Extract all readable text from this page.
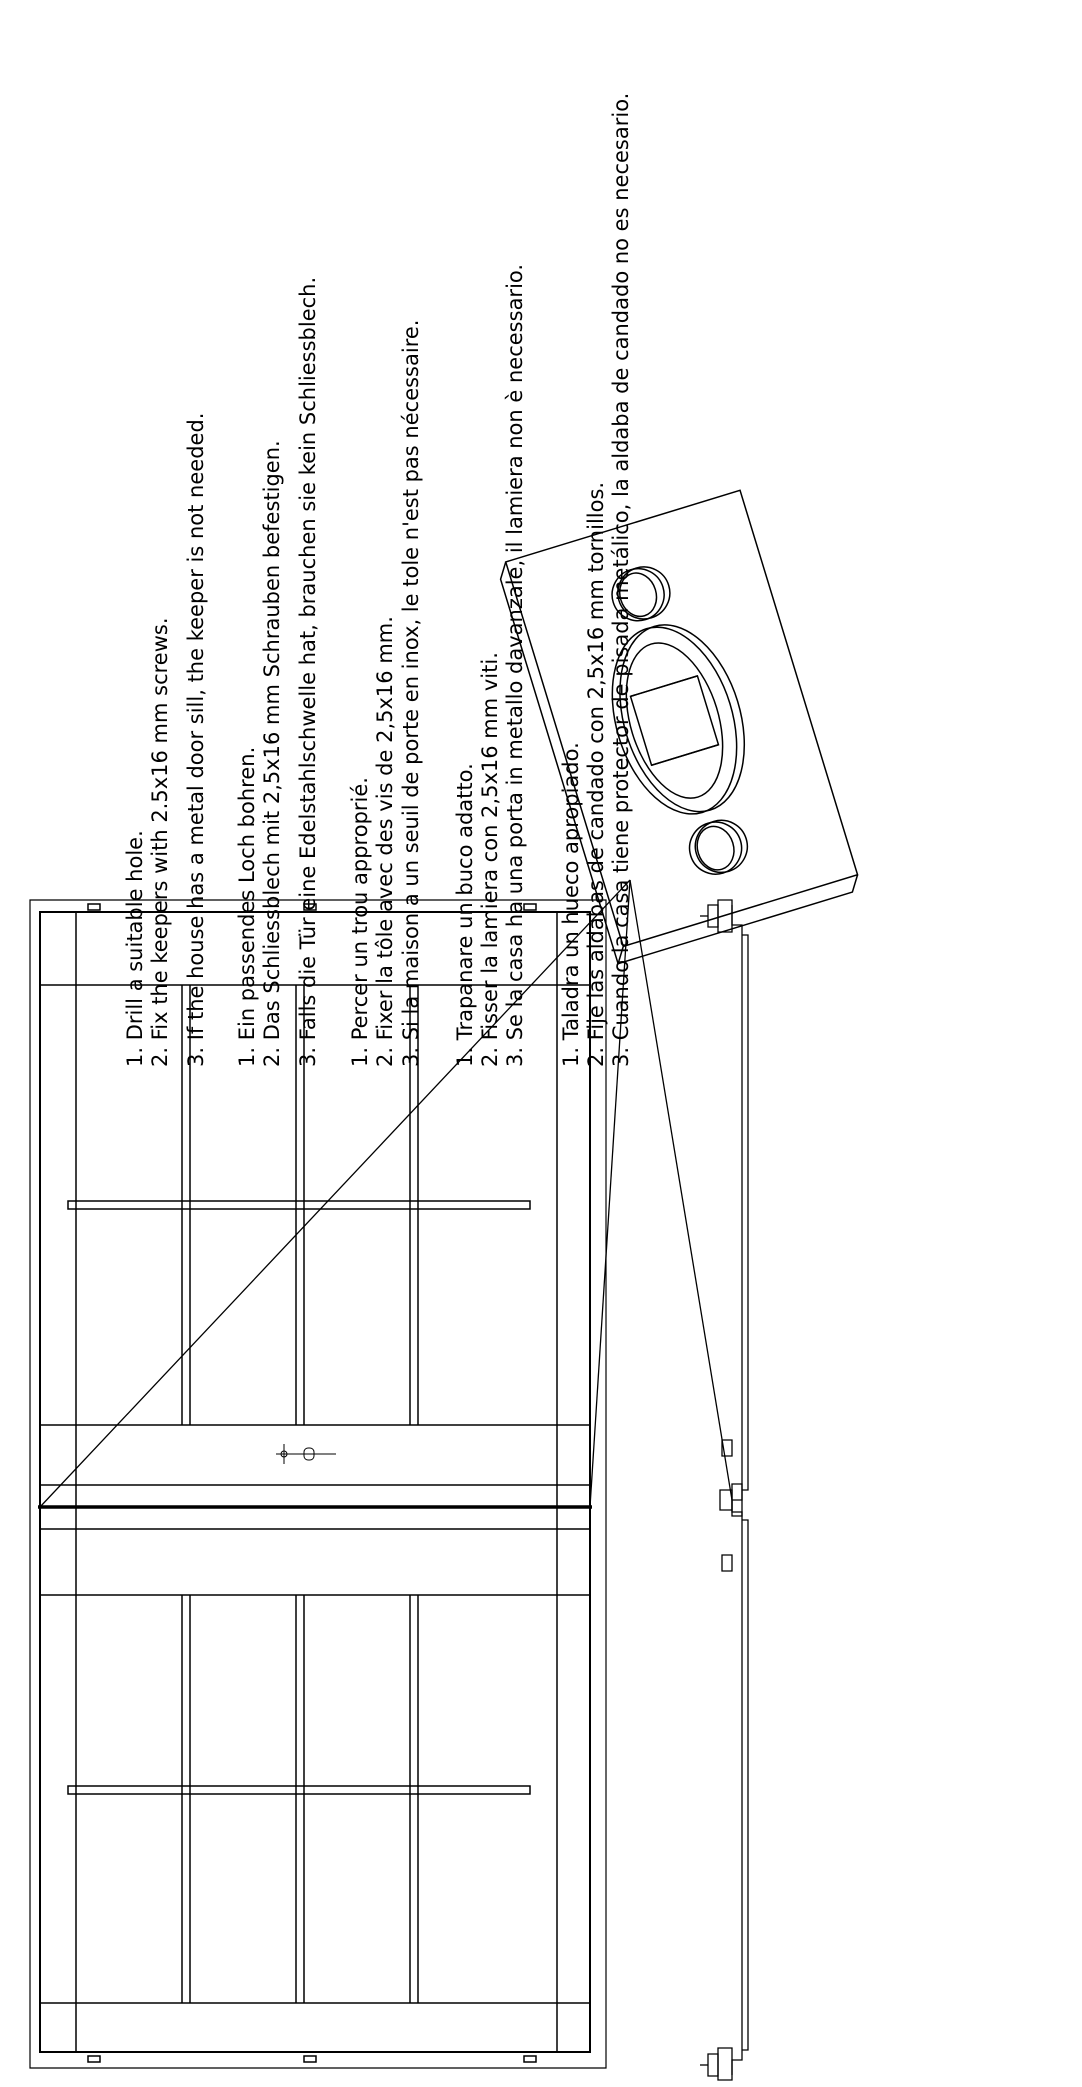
1. Drill a suitable hole. 2. Fix the keepers with 2.5x16 mm screws. 3. If the house has a metal door sill, the keeper is not needed. 1. Ein passendes Loch bohren. 2. Das Schliessblech mit 2,5x16 mm Schrauben befestigen. 3. Falls die Tür eine Edelstahlschwelle hat, brauchen sie kein Schliessblech. 1. Percer un trou approprié. 2. Fixer la tôle avec des vis de 2,5x16 mm. 3. Si la maison a un seuil de porte en inox, le tole n'est pas nécessaire. 1. Trapanare un buco adatto. 2. Fisser la lamiera con 2,5x16 mm viti. 3. Se la casa ha una porta in metallo davanzale, il lamiera non è necessario. 1. Taladra un hueco apropiado. 2. Fije las aldabas de candado con 2,5x16 mm tornillos. 3. Cuando la casa tiene protector de pisada metálico, la aldaba de candado no es necesario.
